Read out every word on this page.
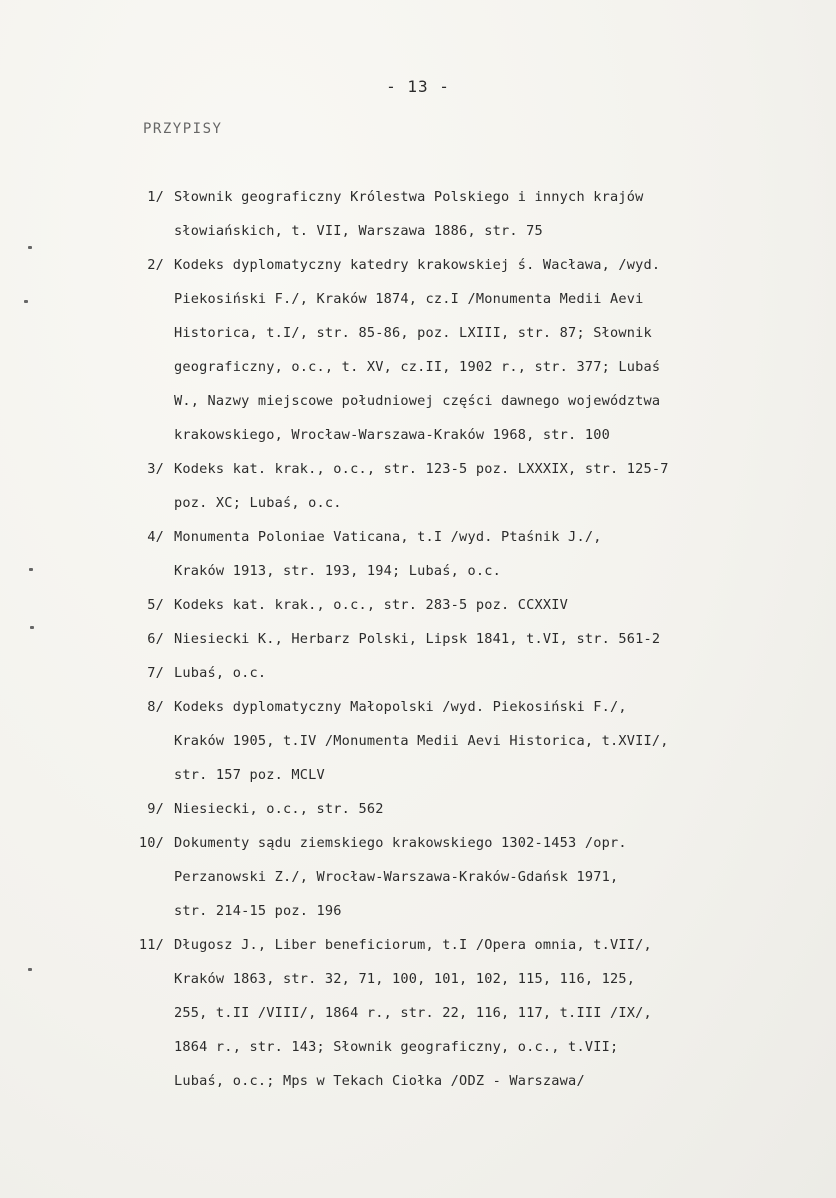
- 13 -
PRZYPISY
1/ Słownik geograficzny Królestwa Polskiego i innych krajów
słowiańskich, t. VII, Warszawa 1886, str. 75
2/ Kodeks dyplomatyczny katedry krakowskiej ś. Wacława, /wyd.
Piekosiński F./, Kraków 1874, cz.I /Monumenta Medii Aevi
Historica, t.I/, str. 85-86, poz. LXIII, str. 87; Słownik
geograficzny, o.c., t. XV, cz.II, 1902 r., str. 377; Lubaś
W., Nazwy miejscowe południowej części dawnego województwa
krakowskiego, Wrocław-Warszawa-Kraków 1968, str. 100
3/ Kodeks kat. krak., o.c., str. 123-5 poz. LXXXIX, str. 125-7
poz. XC; Lubaś, o.c.
4/ Monumenta Poloniae Vaticana, t.I /wyd. Ptaśnik J./,
Kraków 1913, str. 193, 194; Lubaś, o.c.
5/ Kodeks kat. krak., o.c., str. 283-5 poz. CCXXIV
6/ Niesiecki K., Herbarz Polski, Lipsk 1841, t.VI, str. 561-2
7/ Lubaś, o.c.
8/ Kodeks dyplomatyczny Małopolski /wyd. Piekosiński F./,
Kraków 1905, t.IV /Monumenta Medii Aevi Historica, t.XVII/,
str. 157 poz. MCLV
9/ Niesiecki, o.c., str. 562
10/ Dokumenty sądu ziemskiego krakowskiego 1302-1453 /opr.
Perzanowski Z./, Wrocław-Warszawa-Kraków-Gdańsk 1971,
str. 214-15 poz. 196
11/ Długosz J., Liber beneficiorum, t.I /Opera omnia, t.VII/,
Kraków 1863, str. 32, 71, 100, 101, 102, 115, 116, 125,
255, t.II /VIII/, 1864 r., str. 22, 116, 117, t.III /IX/,
1864 r., str. 143; Słownik geograficzny, o.c., t.VII;
Lubaś, o.c.; Mps w Tekach Ciołka /ODZ - Warszawa/
